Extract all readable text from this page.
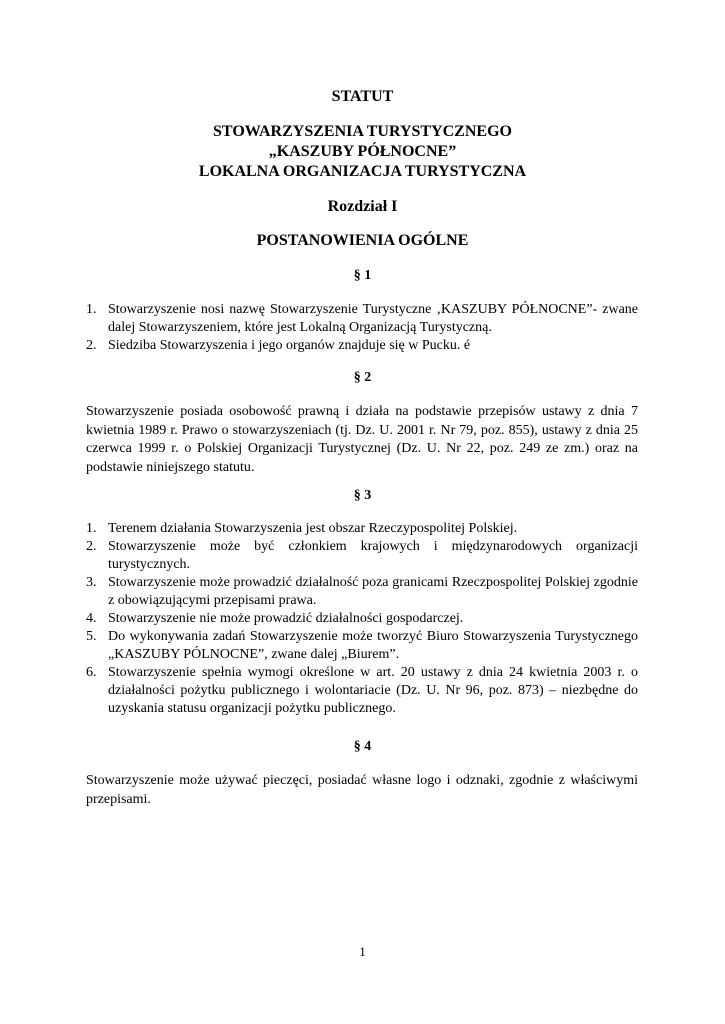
STATUT
STOWARZYSZENIA TURYSTYCZNEGO
„KASZUBY PÓŁNOCNE”
LOKALNA ORGANIZACJA TURYSTYCZNA
Rozdział I
POSTANOWIENIA OGÓLNE
§ 1
1. Stowarzyszenie nosi nazwę Stowarzyszenie Turystyczne ‚KASZUBY PÓŁNOCNE”- zwane dalej Stowarzyszeniem, które jest Lokalną Organizacją Turystyczną.
2. Siedziba Stowarzyszenia i jego organów znajduje się w Pucku. é
§ 2
Stowarzyszenie posiada osobowość prawną i działa na podstawie przepisów ustawy z dnia 7 kwietnia 1989 r. Prawo o stowarzyszeniach (tj. Dz. U. 2001 r. Nr 79, poz. 855), ustawy z dnia 25 czerwca 1999 r. o Polskiej Organizacji Turystycznej (Dz. U. Nr 22, poz. 249 ze zm.) oraz na podstawie niniejszego statutu.
§ 3
1. Terenem działania Stowarzyszenia jest obszar Rzeczypospolitej Polskiej.
2. Stowarzyszenie może być członkiem krajowych i międzynarodowych organizacji turystycznych.
3. Stowarzyszenie może prowadzić działalność poza granicami Rzeczpospolitej Polskiej zgodnie z obowiązującymi przepisami prawa.
4. Stowarzyszenie nie może prowadzić działalności gospodarczej.
5. Do wykonywania zadań Stowarzyszenie może tworzyć Biuro Stowarzyszenia Turystycznego „KASZUBY PÓLNOCNE”, zwane dalej „Biurem”.
6. Stowarzyszenie spełnia wymogi określone w art. 20 ustawy z dnia 24 kwietnia 2003 r. o działalności pożytku publicznego i wolontariacie (Dz. U. Nr 96, poz. 873) – niezbędne do uzyskania statusu organizacji pożytku publicznego.
§ 4
Stowarzyszenie może używać pieczęci, posiadać własne logo i odznaki, zgodnie z właściwymi przepisami.
1
